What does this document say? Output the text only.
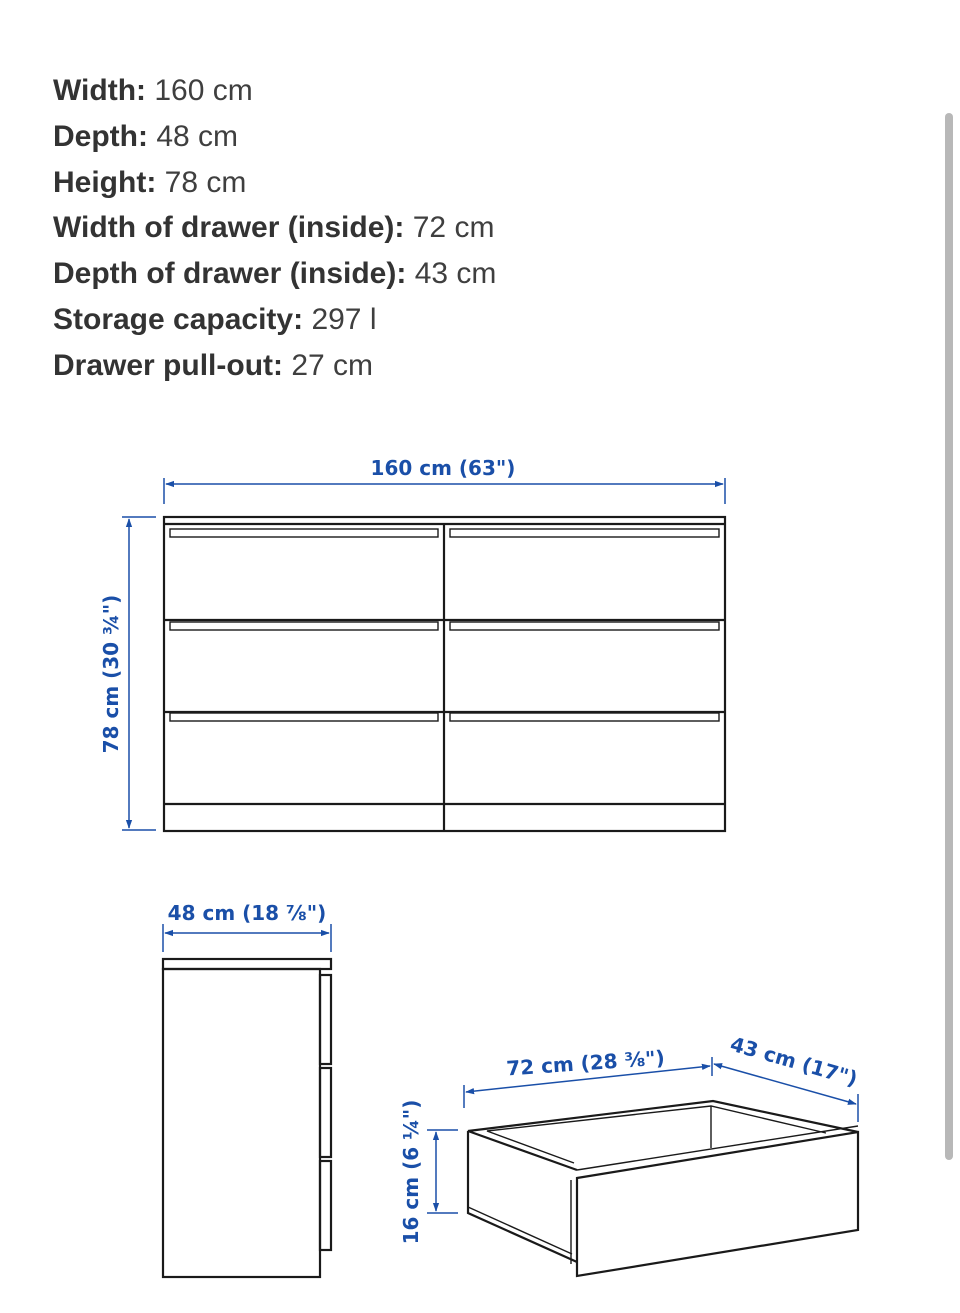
Width: 160 cm
Depth: 48 cm
Height: 78 cm
Width of drawer (inside): 72 cm
Depth of drawer (inside): 43 cm
Storage capacity: 297 l
Drawer pull-out: 27 cm
160 cm (63")
78 cm (30 ¾")
48 cm (18 ⅞")
72 cm (28 ⅜")	43 cm (17")
16 cm (6 ¼")
